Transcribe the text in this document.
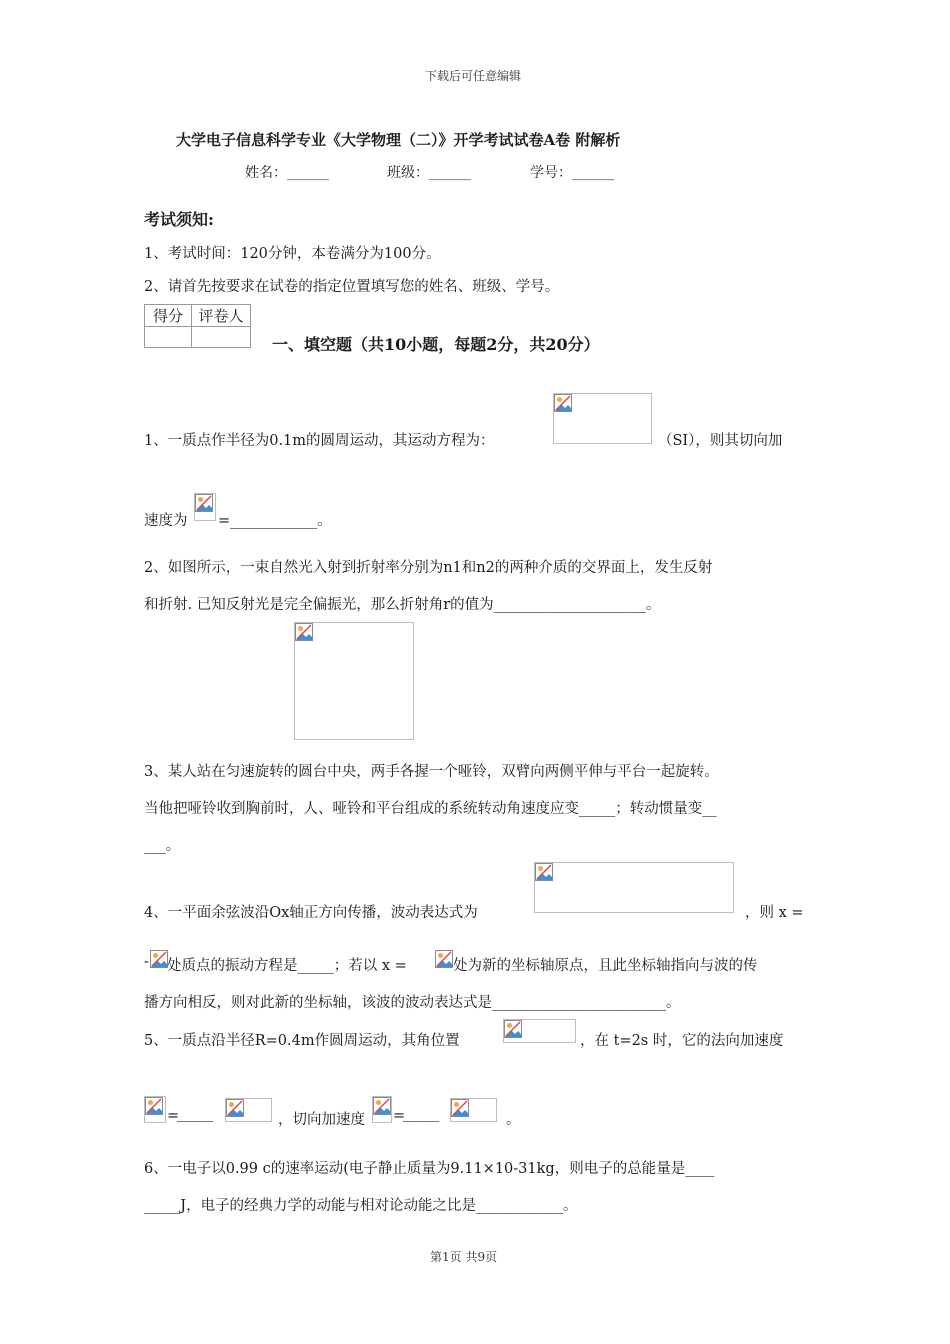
下载后可任意编辑
大学电子信息科学专业《大学物理（二）》开学考试试卷A卷 附解析
姓名：______	班级：______	学号：______
考试须知:
1、考试时间：120分钟，本卷满分为100分。
2、请首先按要求在试卷的指定位置填写您的姓名、班级、学号。
得分	评卷人

一、填空题（共10小题，每题2分，共20分）
1、一质点作半径为0.1m的圆周运动，其运动方程为：	（SI），则其切向加
速度为 =____________。
2、如图所示，一束自然光入射到折射率分别为n1和n2的两种介质的交界面上，发生反射
和折射. 已知反射光是完全偏振光，那么折射角r的值为_____________________。
3、某人站在匀速旋转的圆台中央，两手各握一个哑铃，双臂向两侧平伸与平台一起旋转。
当他把哑铃收到胸前时，人、哑铃和平台组成的系统转动角速度应变_____；转动惯量变__
___。
4、一平面余弦波沿Ox轴正方向传播，波动表达式为	，则 x =
- 处质点的振动方程是_____；若以 x =	处为新的坐标轴原点，且此坐标轴指向与波的传
播方向相反，则对此新的坐标轴，该波的波动表达式是________________________。
5、一质点沿半径R=0.4m作圆周运动，其角位置	，在 t=2s 时，它的法向加速度
=
_____	，切向加速度 =
_____	。
6、一电子以0.99 c的速率运动(电子静止质量为9.11×10-31kg，则电子的总能量是____
_____J，电子的经典力学的动能与相对论动能之比是____________。
第1页 共9页
